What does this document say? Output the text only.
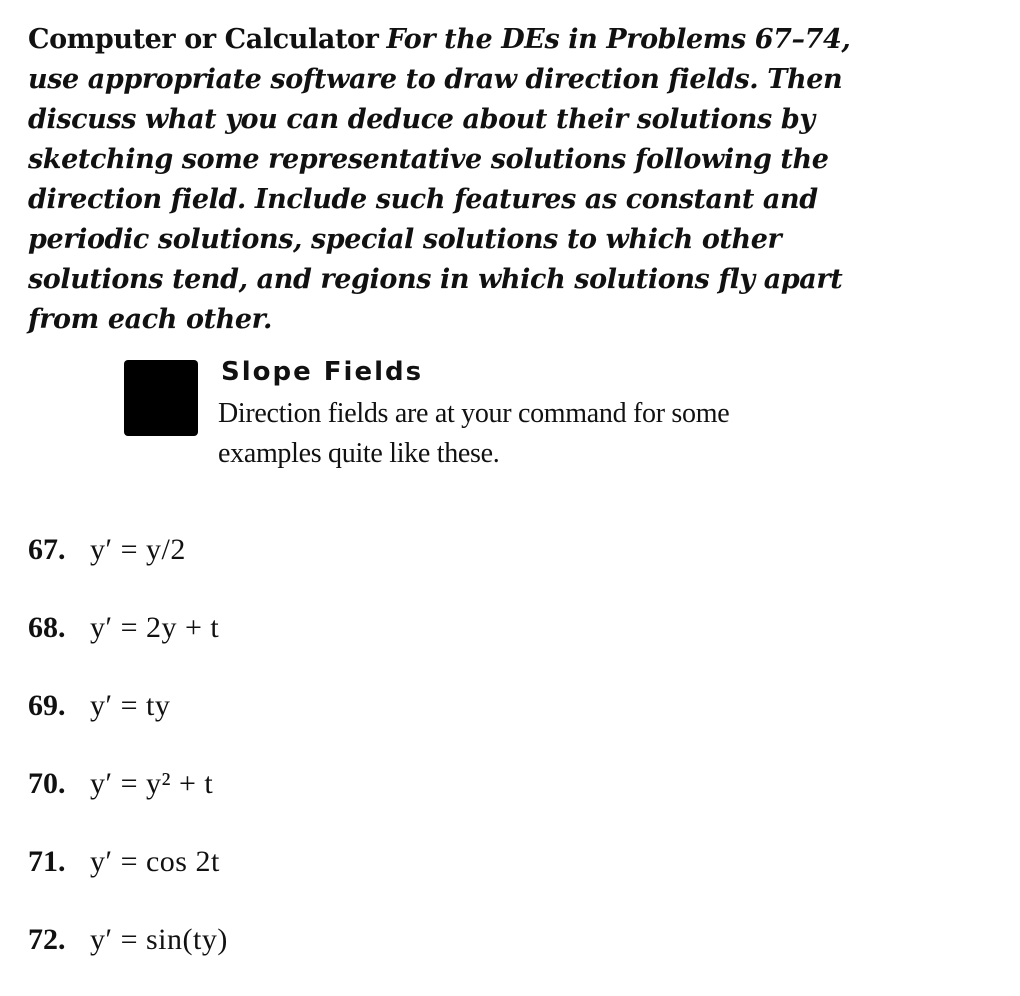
Computer or Calculator For the DEs in Problems 67–74, use appropriate software to draw direction fields. Then discuss what you can deduce about their solutions by sketching some representative solutions following the direction field. Include such features as constant and periodic solutions, special solutions to which other solutions tend, and regions in which solutions fly apart from each other.
Slope Fields
Direction fields are at your command for some examples quite like these.
67. y′ = y/2
68. y′ = 2y + t
69. y′ = ty
70. y′ = y² + t
71. y′ = cos 2t
72. y′ = sin(ty)
